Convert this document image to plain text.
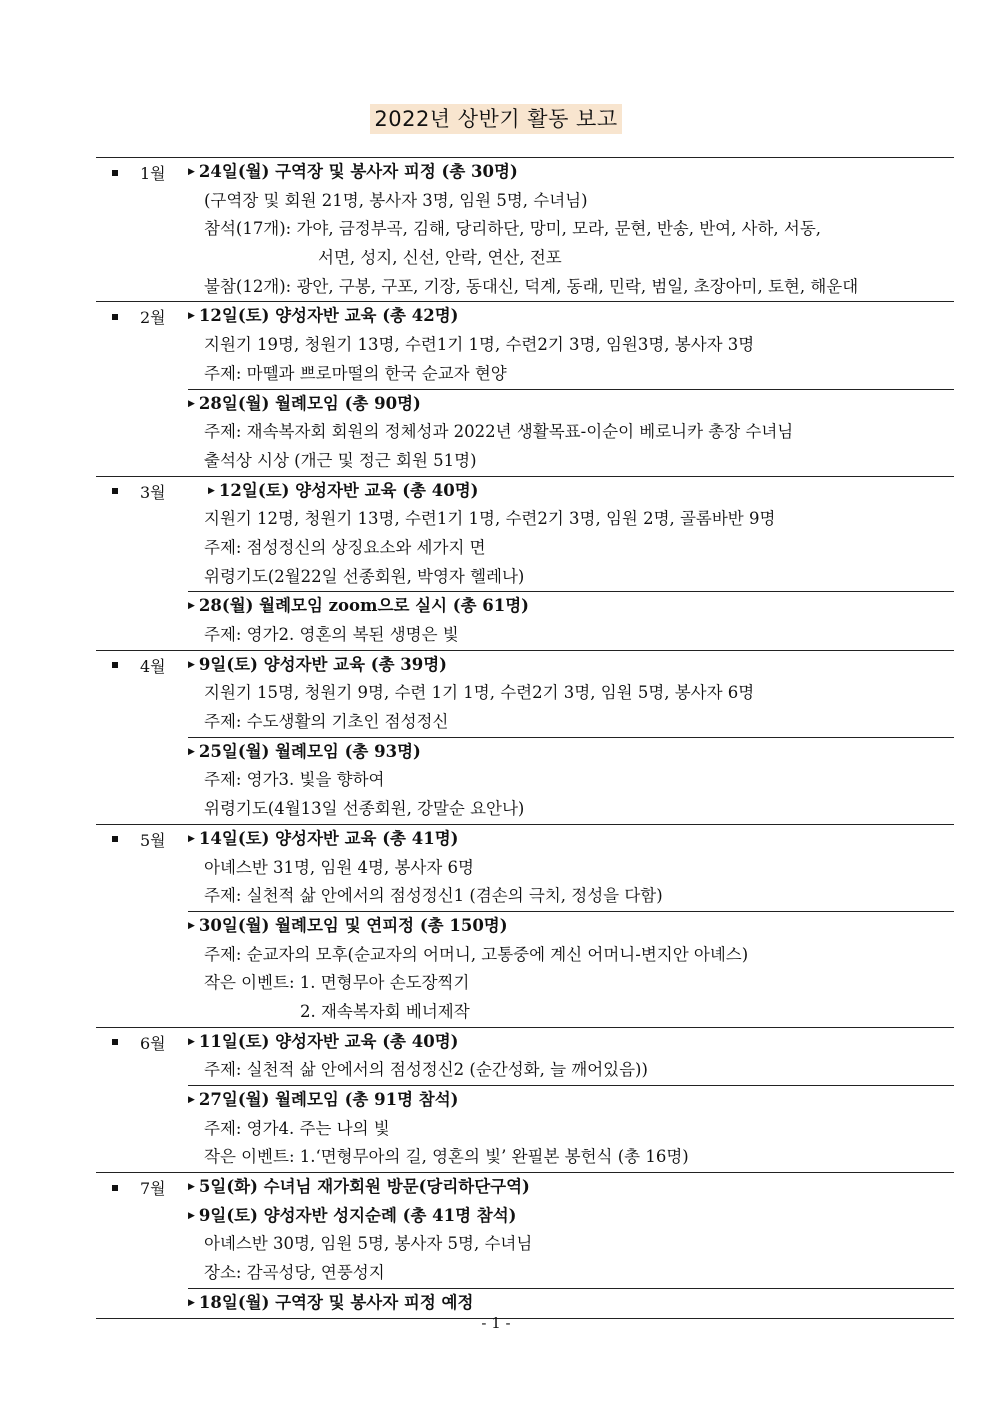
2022년 상반기 활동 보고
1월 ▶ 24일(월) 구역장 및 봉사자 피정 (총 30명)
(구역장 및 회원 21명, 봉사자 3명, 임원 5명, 수녀님)
참석(17개): 가야, 금정부곡, 김해, 당리하단, 망미, 모라, 문현, 반송, 반여, 사하, 서동,
서면, 성지, 신선, 안락, 연산, 전포
불참(12개): 광안, 구봉, 구포, 기장, 동대신, 덕계, 동래, 민락, 범일, 초장아미, 토현, 해운대
2월 ▶ 12일(토) 양성자반 교육 (총 42명)
지원기 19명, 청원기 13명, 수련1기 1명, 수련2기 3명, 임원3명, 봉사자 3명
주제: 마뗄과 쁘로마떨의 한국 순교자 현양
▶ 28일(월) 월례모임 (총 90명)
주제: 재속복자회 회원의 정체성과 2022년 생활목표-이순이 베로니카 총장 수녀님
출석상 시상 (개근 및 정근 회원 51명)
3월	▶ 12일(토) 양성자반 교육 (총 40명)
지원기 12명, 청원기 13명, 수련1기 1명, 수련2기 3명, 임원 2명, 골롬바반 9명
주제: 점성정신의 상징요소와 세가지 면
위령기도(2월22일 선종회원, 박영자 헬레나)
▶ 28(월) 월례모임 zoom으로 실시 (총 61명)
주제: 영가2. 영혼의 복된 생명은 빛
4월 ▶ 9일(토) 양성자반 교육 (총 39명)
지원기 15명, 청원기 9명, 수련 1기 1명, 수련2기 3명, 임원 5명, 봉사자 6명
주제: 수도생활의 기초인 점성정신
▶ 25일(월) 월례모임 (총 93명)
주제: 영가3. 빛을 향하여
위령기도(4월13일 선종회원, 강말순 요안나)
5월 ▶ 14일(토) 양성자반 교육 (총 41명)
아녜스반 31명, 임원 4명, 봉사자 6명
주제: 실천적 삶 안에서의 점성정신1 (겸손의 극치, 정성을 다함)
▶ 30일(월) 월례모임 및 연피정 (총 150명)
주제: 순교자의 모후(순교자의 어머니, 고통중에 계신 어머니-변지안 아녜스)
작은 이벤트: 1. 면형무아 손도장찍기
2. 재속복자회 베너제작
6월 ▶ 11일(토) 양성자반 교육 (총 40명)
주제: 실천적 삶 안에서의 점성정신2 (순간성화, 늘 깨어있음))
▶ 27일(월) 월례모임 (총 91명 참석)
주제: 영가4. 주는 나의 빛
작은 이벤트: 1.‘면형무아의 길, 영혼의 빛’ 완필본 봉헌식 (총 16명)
7월 ▶ 5일(화) 수녀님 재가회원 방문(당리하단구역)
▶ 9일(토) 양성자반 성지순례 (총 41명 참석)
아녜스반 30명, 임원 5명, 봉사자 5명, 수녀님
장소: 감곡성당, 연풍성지
▶ 18일(월) 구역장 및 봉사자 피정 예정
- 1 -
